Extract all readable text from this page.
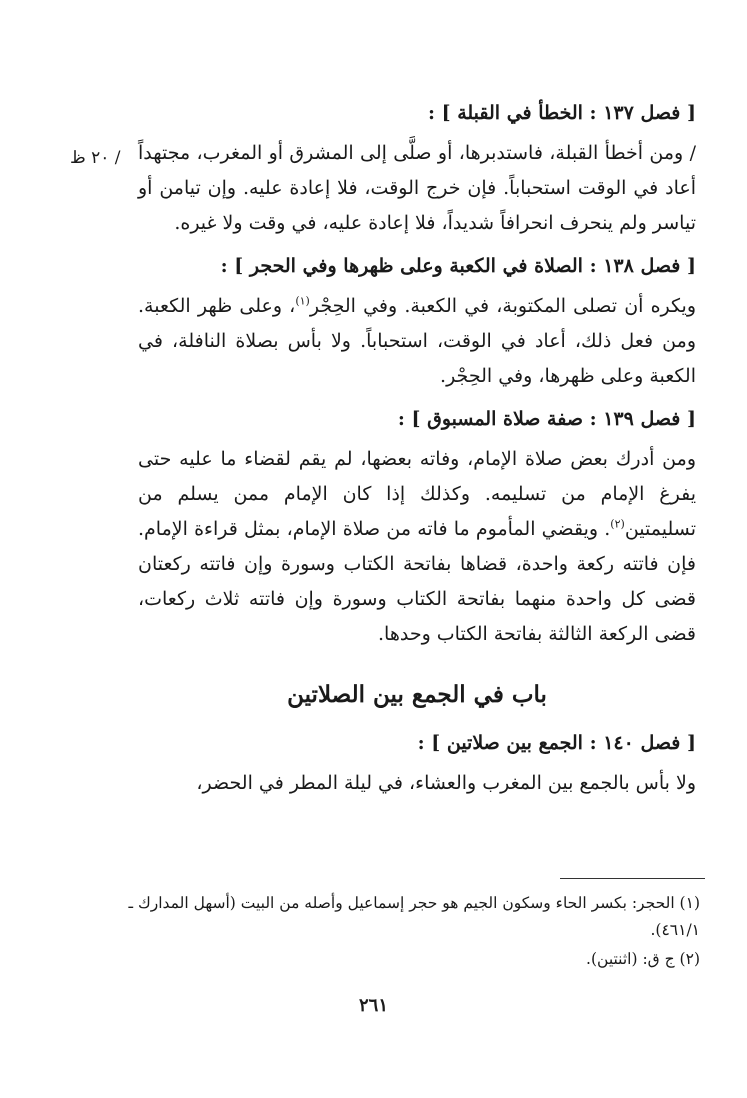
/ ٢٠ ظ
[ فصل ١٣٧ : الخطأ في القبلة ] :

/ ومن أخطأ القبلة، فاستدبرها، أو صلَّى إلى المشرق أو المغرب، مجتهداً أعاد في الوقت استحباباً. فإن خرج الوقت، فلا إعادة عليه. وإن تيامن أو تياسر ولم ينحرف انحرافاً شديداً، فلا إعادة عليه، في وقت ولا غيره.

[ فصل ١٣٨ : الصلاة في الكعبة وعلى ظهرها وفي الحجر ] :

ويكره أن تصلى المكتوبة، في الكعبة. وفي الحِجْر$^{(١)}$، وعلى ظهر الكعبة. ومن فعل ذلك، أعاد في الوقت، استحباباً. ولا بأس بصلاة النافلة، في الكعبة وعلى ظهرها، وفي الحِجْر.

[ فصل ١٣٩ : صفة صلاة المسبوق ] :

ومن أدرك بعض صلاة الإمام، وفاته بعضها، لم يقم لقضاء ما عليه حتى يفرغ الإمام من تسليمه. وكذلك إذا كان الإمام ممن يسلم من تسليمتين$^{(٢)}$. ويقضي المأموم ما فاته من صلاة الإمام، بمثل قراءة الإمام. فإن فاتته ركعة واحدة، قضاها بفاتحة الكتاب وسورة وإن فاتته ركعتان قضى كل واحدة منهما بفاتحة الكتاب وسورة وإن فاتته ثلاث ركعات، قضى الركعة الثالثة بفاتحة الكتاب وحدها.

باب في الجمع بين الصلاتين
[ فصل ١٤٠ : الجمع بين صلاتين ] :

ولا بأس بالجمع بين المغرب والعشاء، في ليلة المطر في الحضر،

(١) الحجر: بكسر الحاء وسكون الجيم هو حجر إسماعيل وأصله من البيت (أسهل المدارك ـ ٤٦١/١).

(٢) ج ق: (اثنتين).

٢٦١
